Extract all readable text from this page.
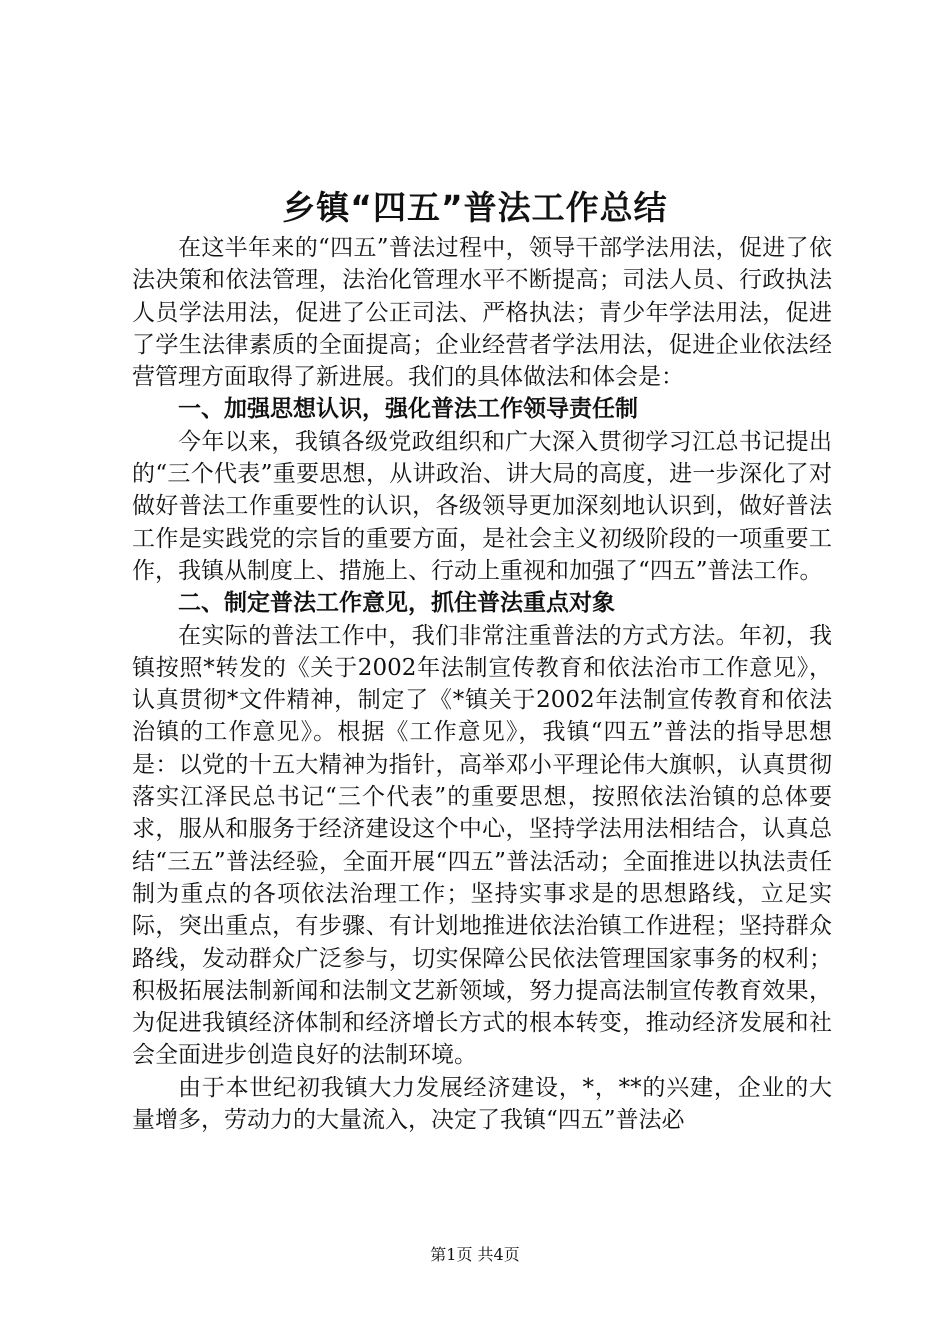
乡镇“四五”普法工作总结

在这半年来的“四五”普法过程中，领导干部学法用法，促进了依法决策和依法管理，法治化管理水平不断提高；司法人员、行政执法人员学法用法，促进了公正司法、严格执法；青少年学法用法，促进了学生法律素质的全面提高；企业经营者学法用法，促进企业依法经营管理方面取得了新进展。我们的具体做法和体会是：

一、加强思想认识，强化普法工作领导责任制

今年以来，我镇各级党政组织和广大深入贯彻学习江总书记提出的“三个代表”重要思想，从讲政治、讲大局的高度，进一步深化了对做好普法工作重要性的认识，各级领导更加深刻地认识到，做好普法工作是实践党的宗旨的重要方面，是社会主义初级阶段的一项重要工作，我镇从制度上、措施上、行动上重视和加强了“四五”普法工作。

二、制定普法工作意见，抓住普法重点对象

在实际的普法工作中，我们非常注重普法的方式方法。年初，我镇按照*转发的《关于2002年法制宣传教育和依法治市工作意见》，认真贯彻*文件精神，制定了《*镇关于2002年法制宣传教育和依法治镇的工作意见》。根据《工作意见》，我镇“四五”普法的指导思想是：以党的十五大精神为指针，高举邓小平理论伟大旗帜，认真贯彻落实江泽民总书记“三个代表”的重要思想，按照依法治镇的总体要求，服从和服务于经济建设这个中心，坚持学法用法相结合，认真总结“三五”普法经验，全面开展“四五”普法活动；全面推进以执法责任制为重点的各项依法治理工作；坚持实事求是的思想路线，立足实际，突出重点，有步骤、有计划地推进依法治镇工作进程；坚持群众路线，发动群众广泛参与，切实保障公民依法管理国家事务的权利；积极拓展法制新闻和法制文艺新领域，努力提高法制宣传教育效果，为促进我镇经济体制和经济增长方式的根本转变，推动经济发展和社会全面进步创造良好的法制环境。

由于本世纪初我镇大力发展经济建设，*，**的兴建，企业的大量增多，劳动力的大量流入，决定了我镇“四五”普法必

第1页 共4页
